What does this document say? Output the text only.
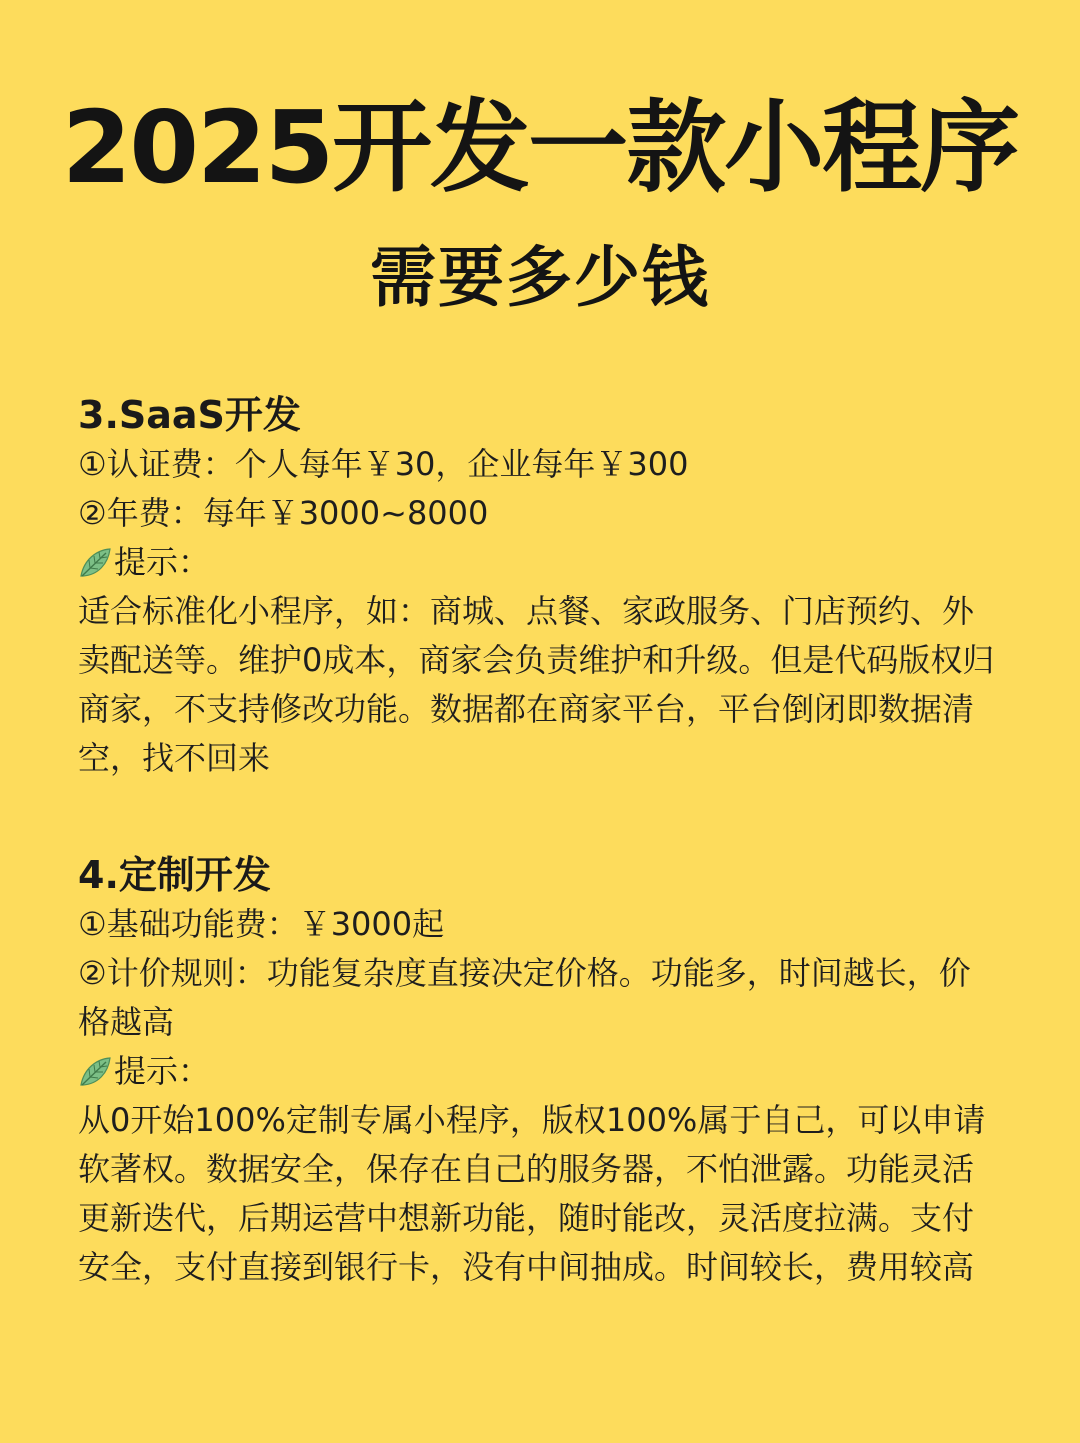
2025开发一款小程序
需要多少钱
3.SaaS开发
①认证费：个人每年￥30，企业每年￥300
②年费：每年￥3000~8000
提示：
适合标准化小程序，如：商城、点餐、家政服务、门店预约、外卖配送等。维护0成本，商家会负责维护和升级。但是代码版权归商家，不支持修改功能。数据都在商家平台，平台倒闭即数据清空，找不回来
4.定制开发
①基础功能费：￥3000起
②计价规则：功能复杂度直接决定价格。功能多，时间越长，价格越高
提示：
从0开始100%定制专属小程序，版权100%属于自己，可以申请软著权。数据安全，保存在自己的服务器，不怕泄露。功能灵活更新迭代，后期运营中想新功能，随时能改，灵活度拉满。支付安全，支付直接到银行卡，没有中间抽成。时间较长，费用较高
